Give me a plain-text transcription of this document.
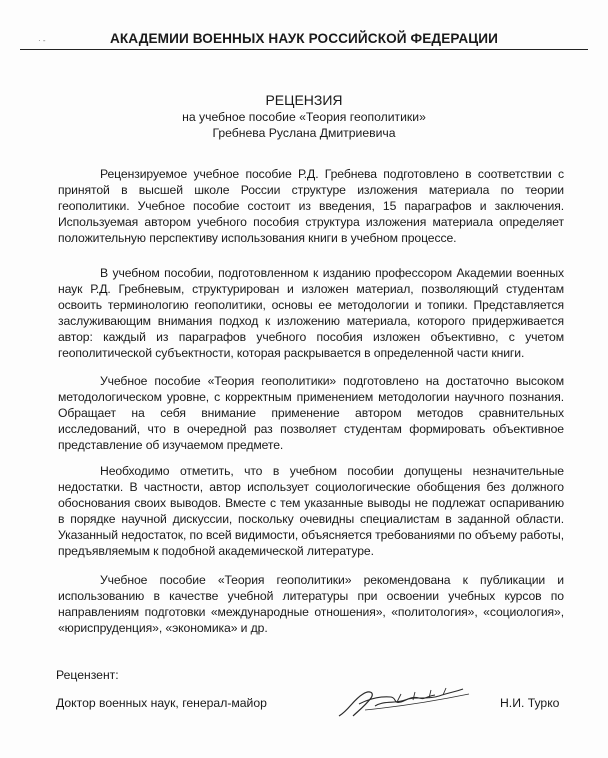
· -	АКАДЕМИИ ВОЕННЫХ НАУК РОССИЙСКОЙ ФЕДЕРАЦИИ
РЕЦЕНЗИЯ
на учебное пособие «Теория геополитики»
Гребнева Руслана Дмитриевича

Рецензируемое учебное пособие Р.Д. Гребнева подготовлено в соответствии с принятой в высшей школе России структуре изложения материала по теории геополитики. Учебное пособие состоит из введения, 15 параграфов и заключения. Используемая автором учебного пособия структура изложения материала определяет положительную перспективу использования книги в учебном процессе.

В учебном пособии, подготовленном к изданию профессором Академии военных наук Р.Д. Гребневым, структурирован и изложен материал, позволяющий студентам освоить терминологию геополитики, основы ее методологии и топики. Представляется заслуживающим внимания подход к изложению материала, которого придерживается автор: каждый из параграфов учебного пособия изложен объективно, с учетом геополитической субъектности, которая раскрывается в определенной части книги.

Учебное пособие «Теория геополитики» подготовлено на достаточно высоком методологическом уровне, с корректным применением методологии научного познания. Обращает на себя внимание применение автором методов сравнительных исследований, что в очередной раз позволяет студентам формировать объективное представление об изучаемом предмете.

Необходимо отметить, что в учебном пособии допущены незначительные недостатки. В частности, автор использует социологические обобщения без должного обоснования своих выводов. Вместе с тем указанные выводы не подлежат оспариванию в порядке научной дискуссии, поскольку очевидны специалистам в заданной области. Указанный недостаток, по всей видимости, объясняется требованиями по объему работы, предъявляемым к подобной академической литературе.

Учебное пособие «Теория геополитики» рекомендована к публикации и использованию в качестве учебной литературы при освоении учебных курсов по направлениям подготовки «международные отношения», «политология», «социология», «юриспруденция», «экономика» и др.

Рецензент:
Доктор военных наук, генерал-майор	Н.И. Турко
